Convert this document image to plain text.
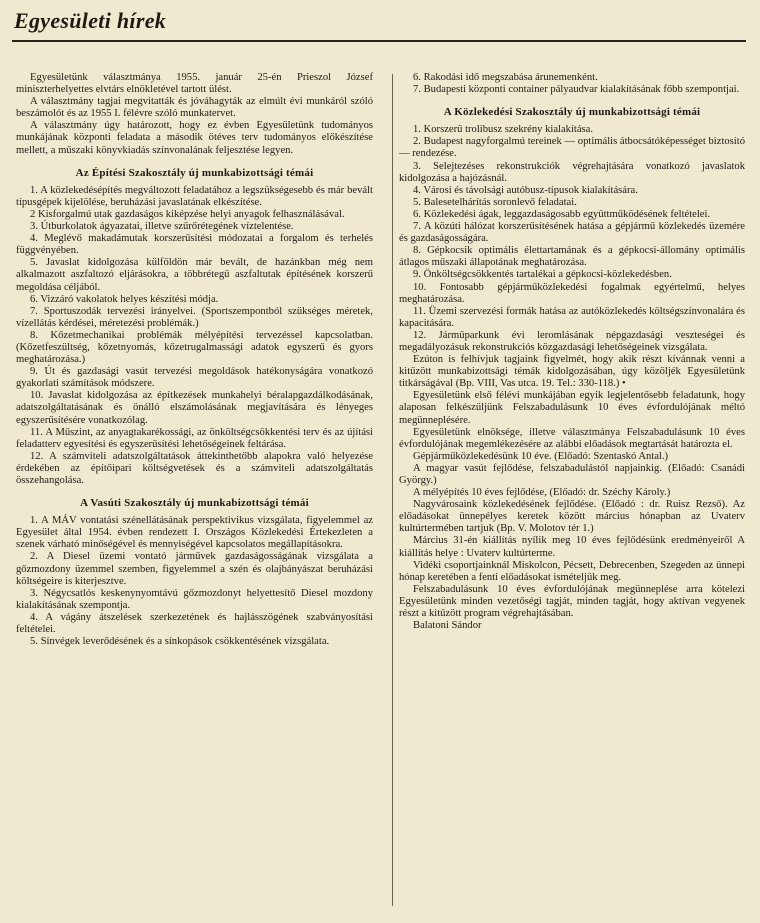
Egyesületi hírek

Egyesületünk választmánya 1955. január 25-én Prieszol József miniszterhelyettes elvtárs elnökletével tartott ülést.

A választmány tagjai megvitatták és jóváhagyták az elmúlt évi munkáról szóló beszámolót és az 1955 I. félévre szóló munkatervet.

A választmány úgy határozott, hogy ez évben Egyesületünk tudományos munkájának központi feladata a második ötéves terv tudományos előkészítése mellett, a műszaki könyvkiadás színvonalának feljesztése legyen.

Az Építési Szakosztály új munkabizottsági témái

1. A közlekedésépítés megváltozott feladatához a legszükségesebb és már bevált típusgépek kijelölése, beruházási javaslatának elkészítése.

2 Kisforgalmú utak gazdaságos kiképzése helyi anyagok felhasználásával.

3. Útburkolatok ágyazatai, illetve szűrőrétegének víztelentése.

4. Meglévő makadámutak korszerűsítési módozatai a forgalom és terhelés függvényében.

5. Javaslat kidolgozása külföldön már bevált, de hazánkban még nem alkalmazott aszfaltozó eljárásokra, a többrétegű aszfaltutak építésének korszerű megoldása céljából.

6. Vizzáró vakolatok helyes készítési módja.

7. Sportuszodák tervezési irányelvei. (Sportszempontból szükséges méretek, vízellátás kérdései, méretezési problémák.)

8. Kőzetmechanikai problémák mélyépítési tervezéssel kapcsolatban. (Kőzetfeszültség, kőzetnyomás, kőzetrugalmassági adatok egyszerű és gyors meghatározása.)

9. Út és gazdasági vasút tervezési megoldások hatékonyságára vonatkozó gyakorlati számítások módszere.

10. Javaslat kidolgozása az építkezések munkahelyi béralapgazdálkodásának, adatszolgáltatásának és önálló elszámolásának megjavítására és lényeges egyszerűsítésére vonatkozólag.

11. A Műszint, az anyagtakarékossági, az önköltségcsökkentési terv és az újítási feladatterv egyesítési és egyszerűsítési lehetőségeinek feltárása.

12. A számviteli adatszolgáltatások áttekinthetőbb alapokra való helyezése érdekében az építőipari költségvetések és a számviteli adatszolgáltatás összehangolása.

A Vasúti Szakosztály új munkabizottsági témái

1. A MÁV vontatási szénellátásának perspektivikus vizsgálata, figyelemmel az Egyesület által 1954. évben rendezett I. Országos Közlekedési Értekezleten a szenek várható minőségével és mennyiségével kapcsolatos megállapításokra.

2. A Diesel üzemi vontató járművek gazdaságosságának vizsgálata a gőzmozdony üzemmel szemben, figyelemmel a szén és olajbányászat beruházási költségeire is kiterjesztve.

3. Négycsatlós keskenynyomtávú gőzmozdonyt helyettesítő Diesel mozdony kialakításának szempontja.

4. A vágány átszelések szerkezetének és hajlásszögének szabványosítási feltételei.

5. Sínvégek leverődésének és a sínkopások csökkentésének vizsgálata.

6. Rakodási idő megszabása árunemenként.

7. Budapesti központi container pályaudvar kialakításának főbb szempontjai.

A Közlekedési Szakosztály új munkabizottsági témái

1. Korszerű trolibusz szekrény kialakítása.

2. Budapest nagyforgalmú tereinek — optimális átbocsátóképességet biztosító — rendezése.

3. Selejtezéses rekonstrukciók végrehajtására vonatkozó javaslatok kidolgozása a hajózásnál.

4. Városi és távolsági autóbusz-típusok kialakítására.

5. Balesetelhárítás soronlevő feladatai.

6. Közlekedési ágak, leggazdaságosabb együttműködésének feltételei.

7. A közúti hálózat korszerűsítésének hatása a gépjármű közlekedés üzemére és gazdaságosságára.

8. Gépkocsik optimális élettartamának és a gépkocsi-állomány optimális átlagos műszaki állapotának meghatározása.

9. Önköltségcsökkentés tartalékai a gépkocsi-közlekedésben.

10. Fontosabb gépjárműközlekedési fogalmak egyértelmű, helyes meghatározása.

11. Üzemi szervezési formák hatása az autóközlekedés költségszínvonalára és kapacitására.

12. Járműparkunk évi leromlásának népgazdasági veszteségei és megadályozásuk rekonstrukciós közgazdasági lehetőségeinek vizsgálata.

Ezúton is felhívjuk tagjaink figyelmét, hogy akik részt kívánnak venni a kitűzött munkabizottsági témák kidolgozásában, úgy közöljék Egyesületünk titkárságával (Bp. VIII, Vas utca. 19. Tel.: 330-118.) •

Egyesületünk első félévi munkájában egyik legjelentősebb feladatunk, hogy alaposan felkészüljünk Felszabadulásunk 10 éves évfordulójának méltó megünneplésére.

Egyesületünk elnöksége, illetve választmánya Felszabadulásunk 10 éves évfordulójának megemlékezésére az alábbi előadások megtartását határozta el.

Gépjárműközlekedésünk 10 éve. (Előadó: Szentaskó Antal.)

A magyar vasút fejlődése, felszabadulástól napjainkig. (Előadó: Csanádi György.)

A mélyépítés 10 éves fejlődése, (Előadó: dr. Széchy Károly.)

Nagyvárosaink közlekedésének fejlődése. (Előadó : dr. Ruisz Rezső). Az előadásokat ünnepélyes keretek között március hónapban az Uvaterv kultúrtermében tartjuk (Bp. V. Molotov tér 1.)

Március 31-én kiállítás nyílik meg 10 éves fejlődésünk eredményeiről A kiállítás helye : Uvaterv kultúrterme.

Vidéki csoportjainknál Miskolcon, Pécsett, Debrecenben, Szegeden az ünnepi hónap keretében a fenti előadásokat ismételjük meg.

Felszabadulásunk 10 éves évfordulójának megünneplése arra kötelezi Egyesületünk minden vezetőségi tagját, minden tagját, hogy aktívan vegyenek részt a kitűzött program végrehajtásában.

Balatoni Sándor
